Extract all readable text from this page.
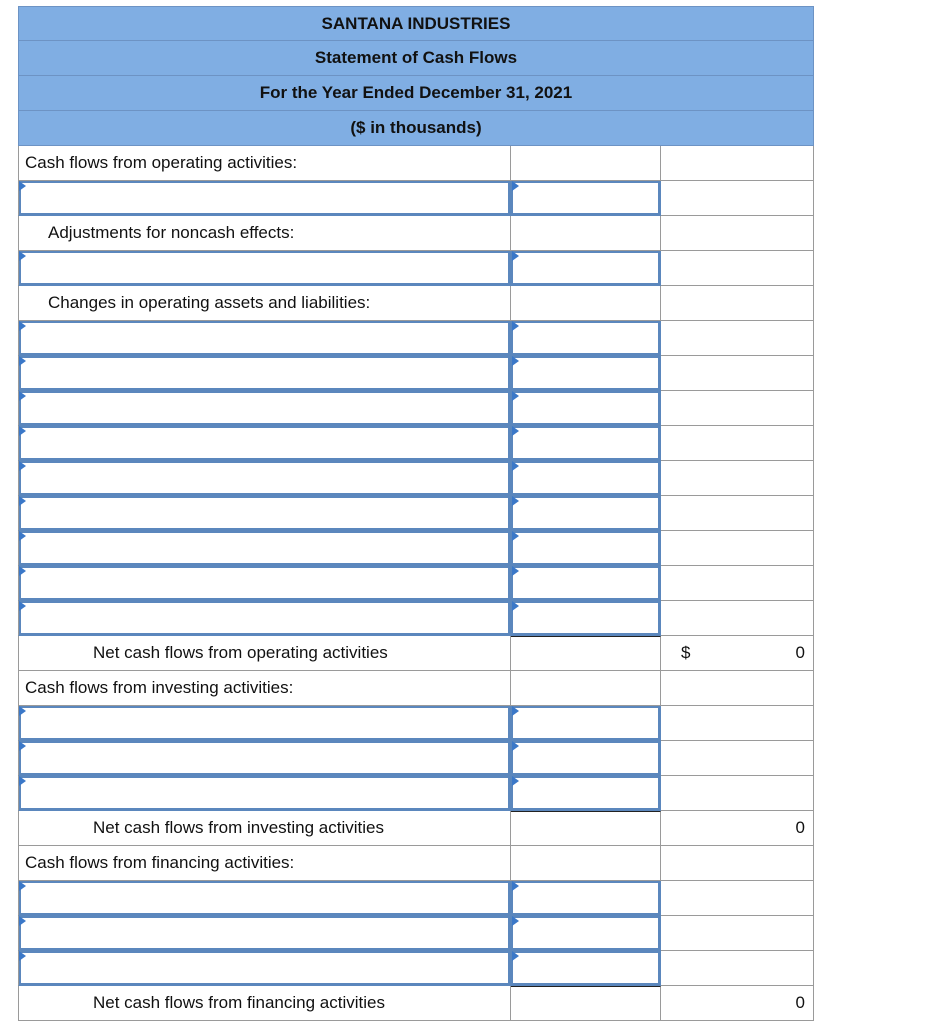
SANTANA INDUSTRIES
Statement of Cash Flows
For the Year Ended December 31, 2021
($ in thousands)
Cash flows from operating activities:
Adjustments for noncash effects:
Changes in operating assets and liabilities:
Net cash flows from operating activities	$	0
Cash flows from investing activities:
Net cash flows from investing activities	0
Cash flows from financing activities:
Net cash flows from financing activities	0
